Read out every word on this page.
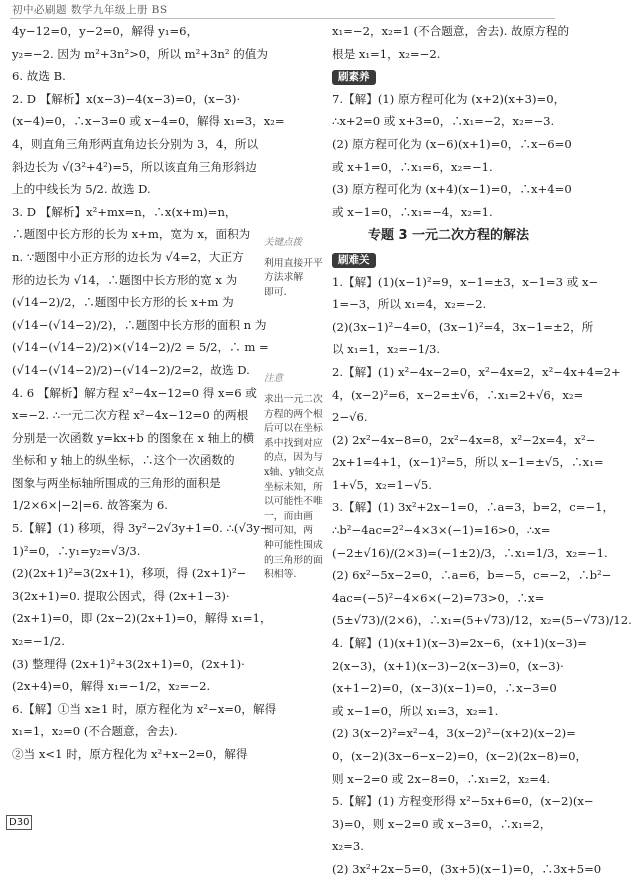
初中必刷题 数学九年级上册 BS
4y−12=0，y−2=0，解得 y₁=6，
y₂=−2. 因为 m²+3n²>0，所以 m²+3n² 的值为
6. 故选 B.
2. D 【解析】x(x−3)−4(x−3)=0，(x−3)·
(x−4)=0，∴x−3=0 或 x−4=0，解得 x₁=3，x₂=
4，则直角三角形两直角边长分别为 3，4，所以
斜边长为 √(3²+4²)=5，所以该直角三角形斜边
上的中线长为 5/2. 故选 D.
3. D 【解析】x²+mx=n，∴x(x+m)=n，
∴题图中长方形的长为 x+m，宽为 x，面积为
n. ∵题图中小正方形的边长为 √4=2，大正方
形的边长为 √14，∴题图中长方形的宽 x 为
(√14−2)/2，∴题图中长方形的长 x+m 为
(√14−(√14−2)/2)，∴题图中长方形的面积 n 为
(√14−(√14−2)/2)×(√14−2)/2 = 5/2，∴ m =
(√14−(√14−2)/2)−(√14−2)/2=2，故选 D.
4. 6 【解析】解方程 x²−4x−12=0 得 x=6 或
x=−2. ∴一元二次方程 x²−4x−12=0 的两根
分别是一次函数 y=kx+b 的图象在 x 轴上的横
坐标和 y 轴上的纵坐标，∴这个一次函数的
图象与两坐标轴所围成的三角形的面积是
1/2×6×|−2|=6. 故答案为 6.
5.【解】(1) 移项，得 3y²−2√3y+1=0. ∴(√3y−
1)²=0，∴y₁=y₂=√3/3.
(2)(2x+1)²=3(2x+1)，移项，得 (2x+1)²−
3(2x+1)=0. 提取公因式，得 (2x+1−3)·
(2x+1)=0，即 (2x−2)(2x+1)=0，解得 x₁=1，
x₂=−1/2.
(3) 整理得 (2x+1)²+3(2x+1)=0，(2x+1)·
(2x+4)=0，解得 x₁=−1/2，x₂=−2.
6.【解】①当 x≥1 时，原方程化为 x²−x=0，解得
x₁=1，x₂=0 (不合题意，舍去).
②当 x<1 时，原方程化为 x²+x−2=0，解得
关键点拨
利用直接开平
方法求解
即可.
注意
求出一元二次
方程的两个根
后可以在坐标
系中找到对应
的点，因为与
x轴、y轴交点
坐标未知，所
以可能性不唯
一，而由画
图可知，两
种可能性围成
的三角形的面
积相等.
x₁=−2，x₂=1 (不合题意，舍去). 故原方程的
根是 x₁=1，x₂=−2.
刷素养
7.【解】(1) 原方程可化为 (x+2)(x+3)=0，
∴x+2=0 或 x+3=0，∴x₁=−2，x₂=−3.
(2) 原方程可化为 (x−6)(x+1)=0，∴x−6=0
或 x+1=0，∴x₁=6，x₂=−1.
(3) 原方程可化为 (x+4)(x−1)=0，∴x+4=0
或 x−1=0，∴x₁=−4，x₂=1.
专题 3 一元二次方程的解法
刷难关
1.【解】(1)(x−1)²=9，x−1=±3，x−1=3 或 x−
1=−3，所以 x₁=4，x₂=−2.
(2)(3x−1)²−4=0，(3x−1)²=4，3x−1=±2，所
以 x₁=1，x₂=−1/3.
2.【解】(1) x²−4x−2=0，x²−4x=2，x²−4x+4=2+
4，(x−2)²=6，x−2=±√6，∴x₁=2+√6，x₂=
2−√6.
(2) 2x²−4x−8=0，2x²−4x=8，x²−2x=4，x²−
2x+1=4+1，(x−1)²=5，所以 x−1=±√5，∴x₁=
1+√5，x₂=1−√5.
3.【解】(1) 3x²+2x−1=0，∴a=3，b=2，c=−1，
∴b²−4ac=2²−4×3×(−1)=16>0，∴x=
(−2±√16)/(2×3)=(−1±2)/3，∴x₁=1/3，x₂=−1.
(2) 6x²−5x−2=0，∴a=6，b=−5，c=−2，∴b²−
4ac=(−5)²−4×6×(−2)=73>0，∴x=
(5±√73)/(2×6)，∴x₁=(5+√73)/12，x₂=(5−√73)/12.
4.【解】(1)(x+1)(x−3)=2x−6，(x+1)(x−3)=
2(x−3)，(x+1)(x−3)−2(x−3)=0，(x−3)·
(x+1−2)=0，(x−3)(x−1)=0，∴x−3=0
或 x−1=0，所以 x₁=3，x₂=1.
(2) 3(x−2)²=x²−4，3(x−2)²−(x+2)(x−2)=
0，(x−2)(3x−6−x−2)=0，(x−2)(2x−8)=0，
则 x−2=0 或 2x−8=0，∴x₁=2，x₂=4.
5.【解】(1) 方程变形得 x²−5x+6=0，(x−2)(x−
3)=0，则 x−2=0 或 x−3=0，∴x₁=2，
x₂=3.
(2) 3x²+2x−5=0，(3x+5)(x−1)=0，∴3x+5=0
D30
